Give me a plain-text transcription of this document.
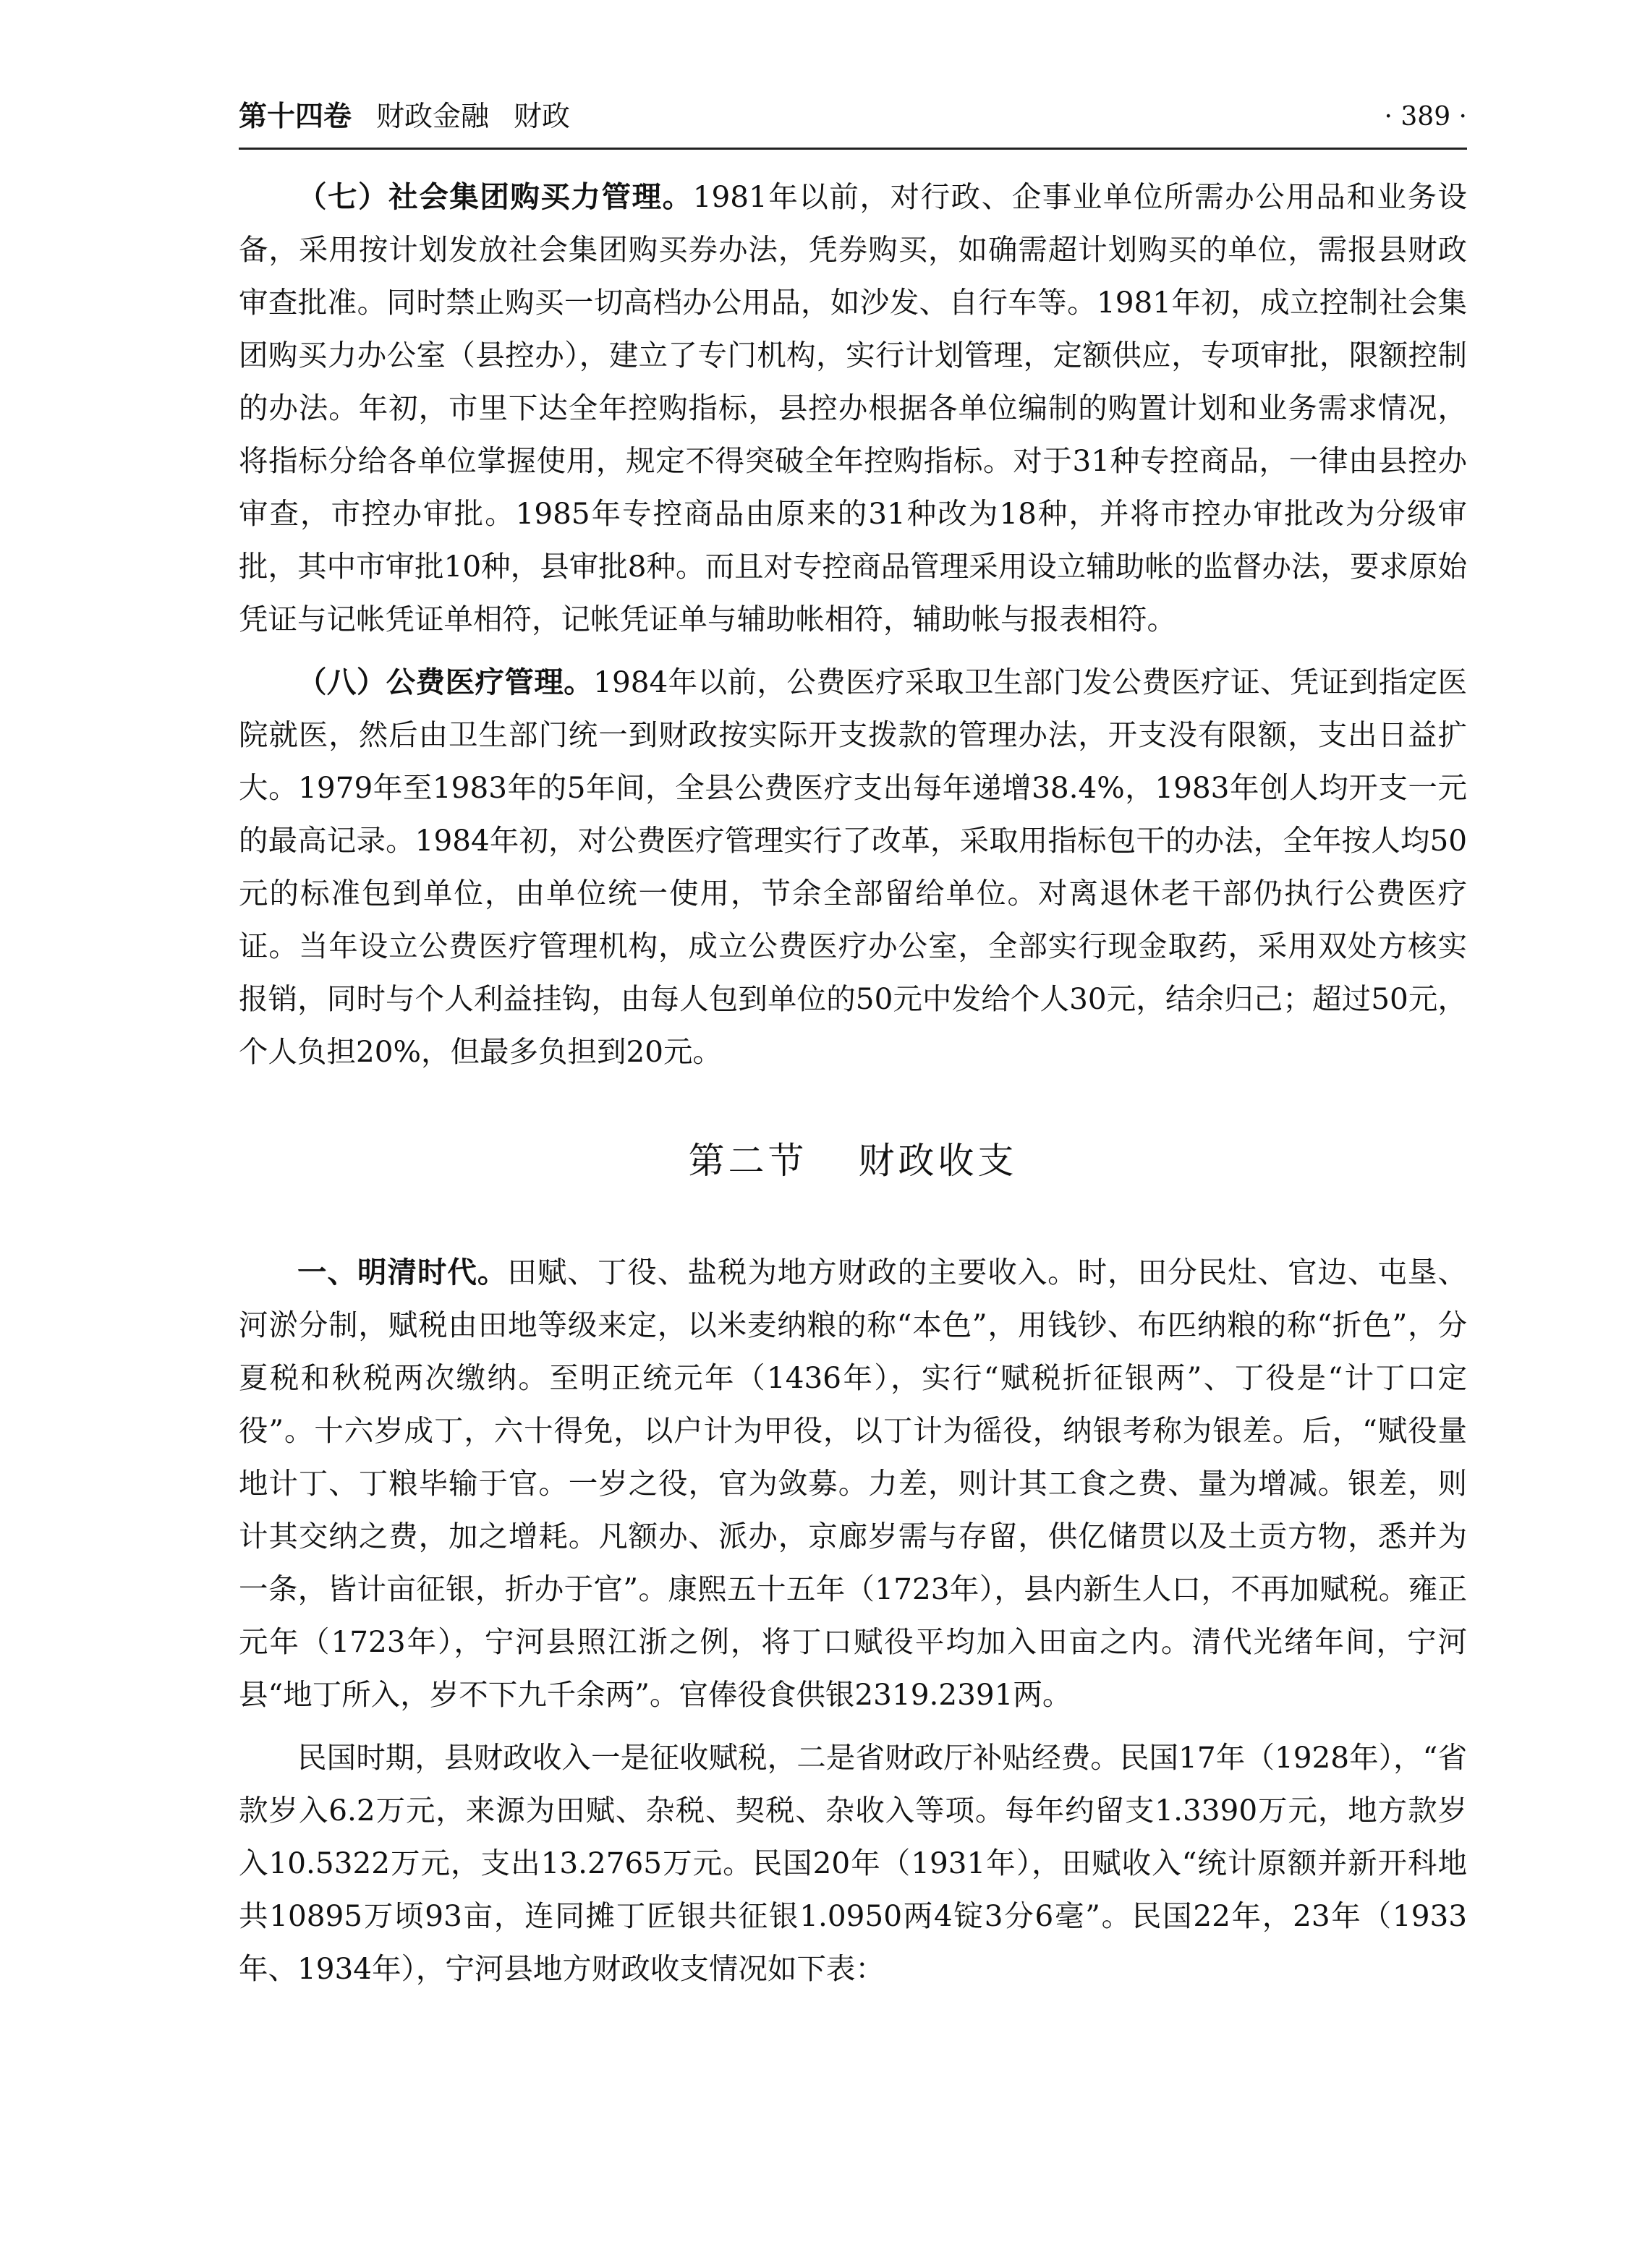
第十四卷 财政金融 财政	· 389 ·

（七）社会集团购买力管理。1981年以前，对行政、企事业单位所需办公用品和业务设备，采用按计划发放社会集团购买券办法，凭券购买，如确需超计划购买的单位，需报县财政审查批准。同时禁止购买一切高档办公用品，如沙发、自行车等。1981年初，成立控制社会集团购买力办公室（县控办），建立了专门机构，实行计划管理，定额供应，专项审批，限额控制的办法。年初，市里下达全年控购指标，县控办根据各单位编制的购置计划和业务需求情况，将指标分给各单位掌握使用，规定不得突破全年控购指标。对于31种专控商品，一律由县控办审查，市控办审批。1985年专控商品由原来的31种改为18种，并将市控办审批改为分级审批，其中市审批10种，县审批8种。而且对专控商品管理采用设立辅助帐的监督办法，要求原始凭证与记帐凭证单相符，记帐凭证单与辅助帐相符，辅助帐与报表相符。

（八）公费医疗管理。1984年以前，公费医疗采取卫生部门发公费医疗证、凭证到指定医院就医，然后由卫生部门统一到财政按实际开支拨款的管理办法，开支没有限额，支出日益扩大。1979年至1983年的5年间，全县公费医疗支出每年递增38.4%，1983年创人均开支一元的最高记录。1984年初，对公费医疗管理实行了改革，采取用指标包干的办法，全年按人均50元的标准包到单位，由单位统一使用，节余全部留给单位。对离退休老干部仍执行公费医疗证。当年设立公费医疗管理机构，成立公费医疗办公室，全部实行现金取药，采用双处方核实报销，同时与个人利益挂钩，由每人包到单位的50元中发给个人30元，结余归己；超过50元，个人负担20%，但最多负担到20元。

第二节 财政收支

一、明清时代。田赋、丁役、盐税为地方财政的主要收入。时，田分民灶、官边、屯垦、河淤分制，赋税由田地等级来定，以米麦纳粮的称“本色”，用钱钞、布匹纳粮的称“折色”，分夏税和秋税两次缴纳。至明正统元年（1436年），实行“赋税折征银两”、丁役是“计丁口定役”。十六岁成丁，六十得免，以户计为甲役，以丁计为徭役，纳银考称为银差。后，“赋役量地计丁、丁粮毕输于官。一岁之役，官为敛募。力差，则计其工食之费、量为增减。银差，则计其交纳之费，加之增耗。凡额办、派办，京廊岁需与存留，供亿储贯以及土贡方物，悉并为一条，皆计亩征银，折办于官”。康熙五十五年（1723年），县内新生人口，不再加赋税。雍正元年（1723年），宁河县照江浙之例，将丁口赋役平均加入田亩之内。清代光绪年间，宁河县“地丁所入，岁不下九千余两”。官俸役食供银2319.2391两。

民国时期，县财政收入一是征收赋税，二是省财政厅补贴经费。民国17年（1928年），“省款岁入6.2万元，来源为田赋、杂税、契税、杂收入等项。每年约留支1.3390万元，地方款岁入10.5322万元，支出13.2765万元。民国20年（1931年），田赋收入“统计原额并新开科地共10895万顷93亩，连同摊丁匠银共征银1.0950两4锭3分6毫”。民国22年，23年（1933年、1934年），宁河县地方财政收支情况如下表：
